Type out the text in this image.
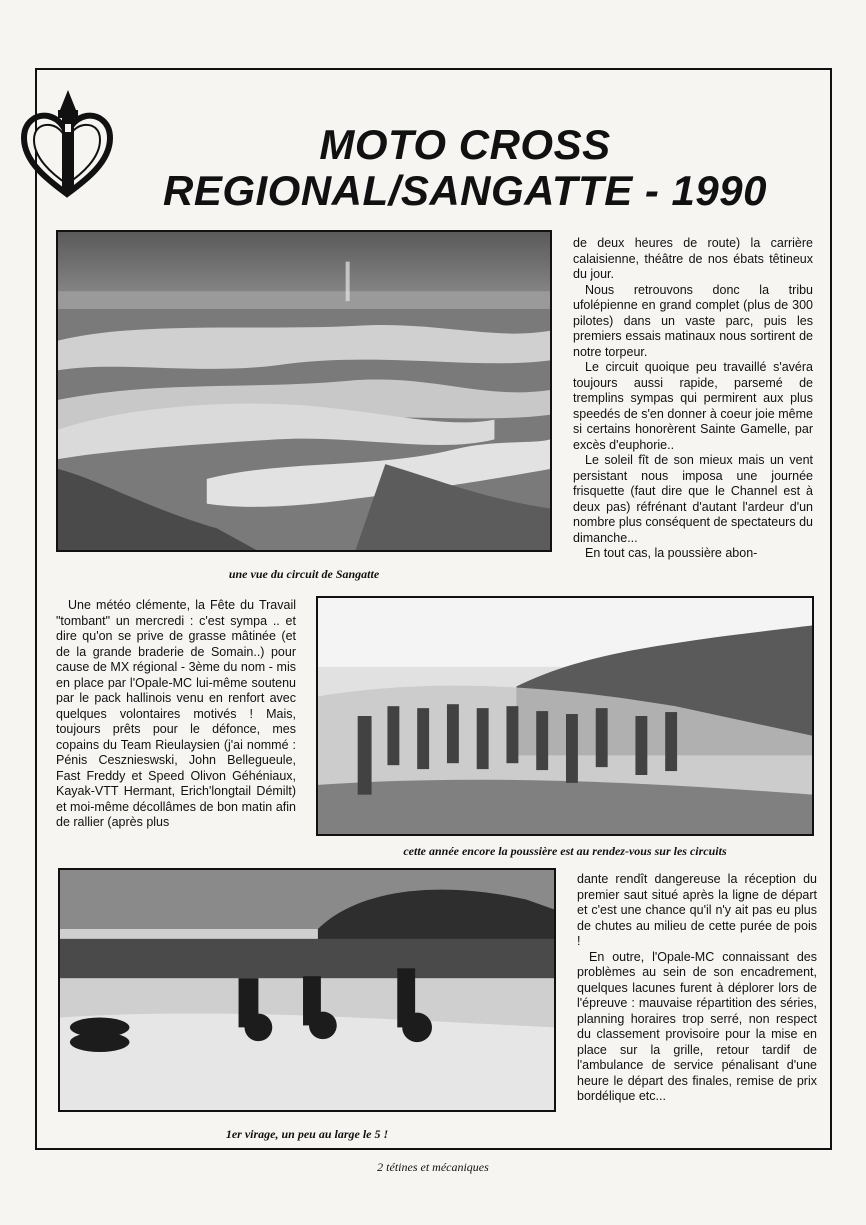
MOTO CROSS
REGIONAL/SANGATTE - 1990
une vue du circuit de Sangatte

de deux heures de route) la carrière calaisienne, théâtre de nos ébats têtineux du jour.

Nous retrouvons donc la tribu ufolépienne en grand complet (plus de 300 pilotes) dans un vaste parc, puis les premiers essais matinaux nous sortirent de notre torpeur.

Le circuit quoique peu travaillé s'avéra toujours aussi rapide, parsemé de tremplins sympas qui permirent aux plus speedés de s'en donner à coeur joie même si certains honorèrent Sainte Gamelle, par excès d'euphorie..

Le soleil fît de son mieux mais un vent persistant nous imposa une journée frisquette (faut dire que le Channel est à deux pas) réfrénant d'autant l'ardeur d'un nombre plus conséquent de spectateurs du dimanche...

En tout cas, la poussière abon-

Une météo clémente, la Fête du Travail "tombant" un mercredi : c'est sympa .. et dire qu'on se prive de grasse mâtinée (et de la grande braderie de Somain..) pour cause de MX régional - 3ème du nom - mis en place par l'Opale-MC lui-même soutenu par le pack hallinois venu en renfort avec quelques volontaires motivés ! Mais, toujours prêts pour le défonce, mes copains du Team Rieulaysien (j'ai nommé : Pénis Cesznieswski, John Bellegueule, Fast Freddy et Speed Olivon Géhéniaux, Kayak-VTT Hermant, Erich'longtail Démilt) et moi-même décollâmes de bon matin afin de rallier (après plus

cette année encore la poussière est au rendez-vous sur les circuits
1er virage, un peu au large le 5 !

dante rendît dangereuse la réception du premier saut situé après la ligne de départ et c'est une chance qu'il n'y ait pas eu plus de chutes au milieu de cette purée de pois !

En outre, l'Opale-MC connaissant des problèmes au sein de son encadrement, quelques lacunes furent à déplorer lors de l'épreuve : mauvaise répartition des séries, planning horaires trop serré, non respect du classement provisoire pour la mise en place sur la grille, retour tardif de l'ambulance de service pénalisant d'une heure le départ des finales, remise de prix bordélique etc...

2 tétines et mécaniques
